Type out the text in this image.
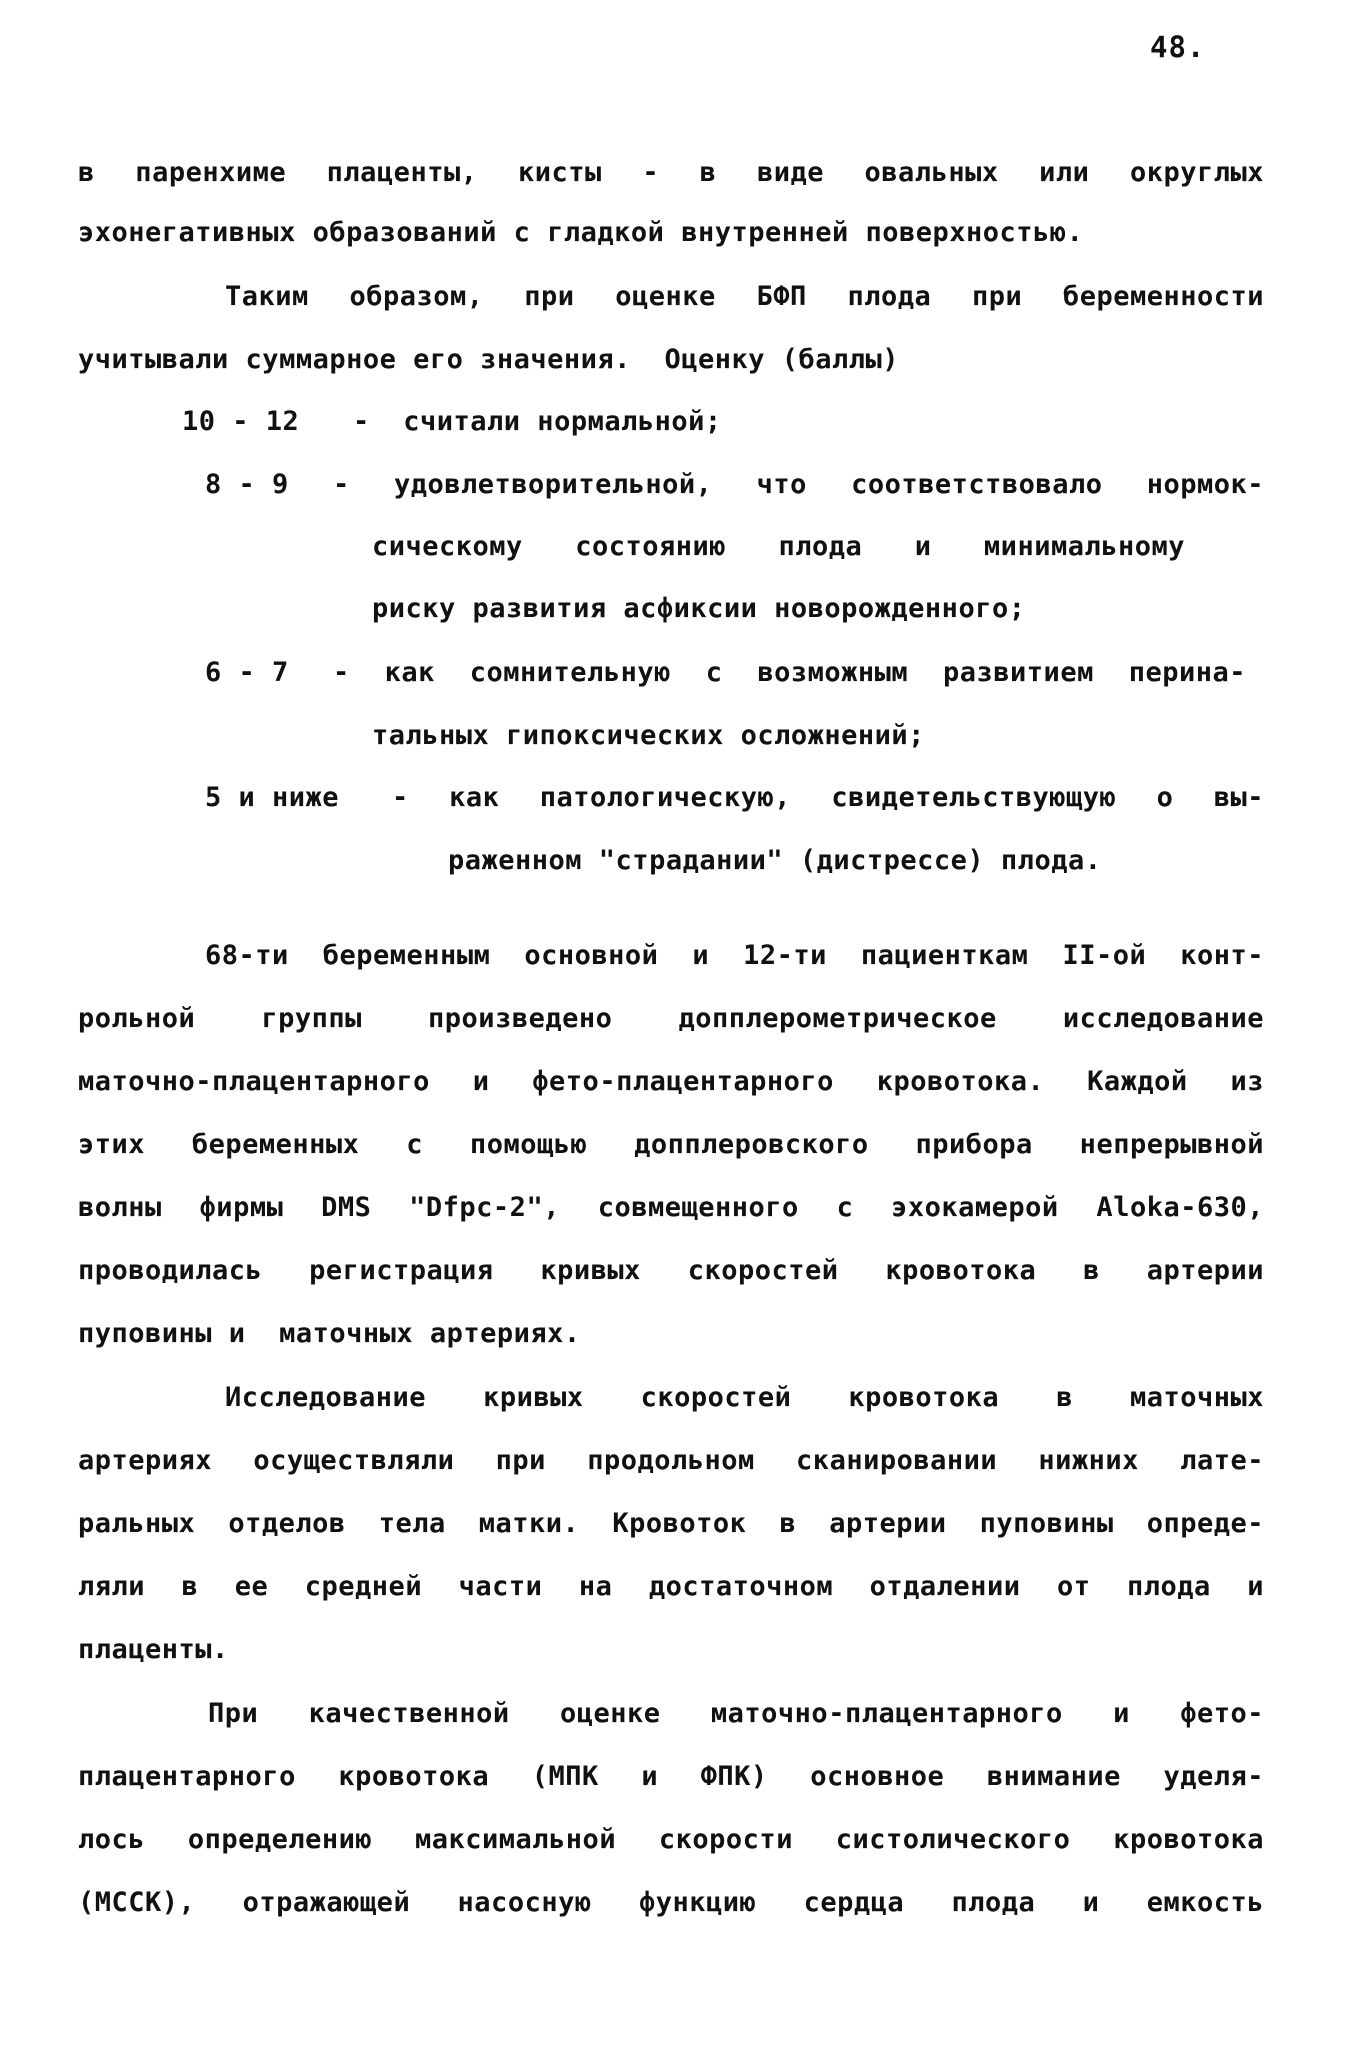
48.
в паренхиме плаценты, кисты - в виде овальных или округлых
эхонегативных образований с гладкой внутренней поверхностью.
Таким образом, при оценке БФП плода при беременности
учитывали суммарное его значения.  Оценку (баллы)
10 - 12 -  считали нормальной;
8 - 9 - удовлетворительной, что соответствовало нормок-
сическому состоянию плода и минимальному
риску развития асфиксии новорожденного;
6 - 7 - как сомнительную с возможным развитием перина-
тальных гипоксических осложнений;
5 и ниже - как патологическую, свидетельствующую о вы-
раженном "страдании" (дистрессе) плода.
68-ти беременным основной и 12-ти пациенткам II-ой конт-
рольной группы произведено допплерометрическое исследование
маточно-плацентарного и фето-плацентарного кровотока. Каждой из
этих беременных с помощью допплеровского прибора непрерывной
волны фирмы DMS "Dfpc-2", совмещенного с эхокамерой Aloka-630,
проводилась регистрация кривых скоростей кровотока в артерии
пуповины и  маточных артериях.
Исследование кривых скоростей кровотока в маточных
артериях осуществляли при продольном сканировании нижних лате-
ральных отделов тела матки. Кровоток в артерии пуповины опреде-
ляли в ее средней части на достаточном отдалении от плода и
плаценты.
При качественной оценке маточно-плацентарного и фето-
плацентарного кровотока (МПК и ФПК) основное внимание уделя-
лось определению максимальной скорости систолического кровотока
(МССК), отражающей насосную функцию сердца плода и емкость
